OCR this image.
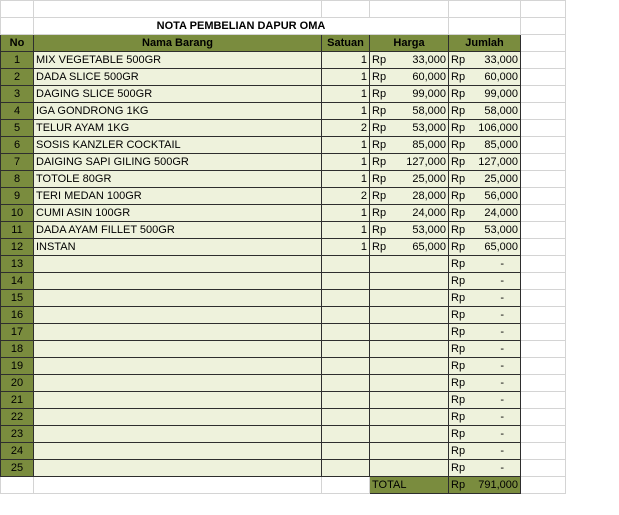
	NOTA PEMBELIAN DAPUR OMA				
No	Nama Barang	Satuan	Harga	Jumlah	
1	MIX VEGETABLE 500GR	1	Rp 33,000	Rp 33,000	

2	DADA SLICE 500GR	1	Rp 60,000	Rp 60,000	

3	DAGING SLICE 500GR	1	Rp 99,000	Rp 99,000	

4	IGA GONDRONG 1KG	1	Rp 58,000	Rp 58,000	

5	TELUR AYAM 1KG	2	Rp 53,000	Rp 106,000	

6	SOSIS KANZLER COCKTAIL	1	Rp 85,000	Rp 85,000	

7	DAIGING SAPI GILING 500GR	1	Rp 127,000	Rp 127,000	

8	TOTOLE 80GR	1	Rp 25,000	Rp 25,000	

9	TERI MEDAN 100GR	2	Rp 28,000	Rp 56,000	

10	CUMI ASIN 100GR	1	Rp 24,000	Rp 24,000	

11	DADA AYAM FILLET 500GR	1	Rp 53,000	Rp 53,000	

12	INSTAN	1	Rp 65,000	Rp 65,000	

13				Rp -	

14				Rp -	

15				Rp -	

16				Rp -	

17				Rp -	

18				Rp -	

19				Rp -	

20				Rp -	

21				Rp -	

22				Rp -	

23				Rp -	

24				Rp -	

25				Rp -	

			TOTAL	Rp 791,000	
